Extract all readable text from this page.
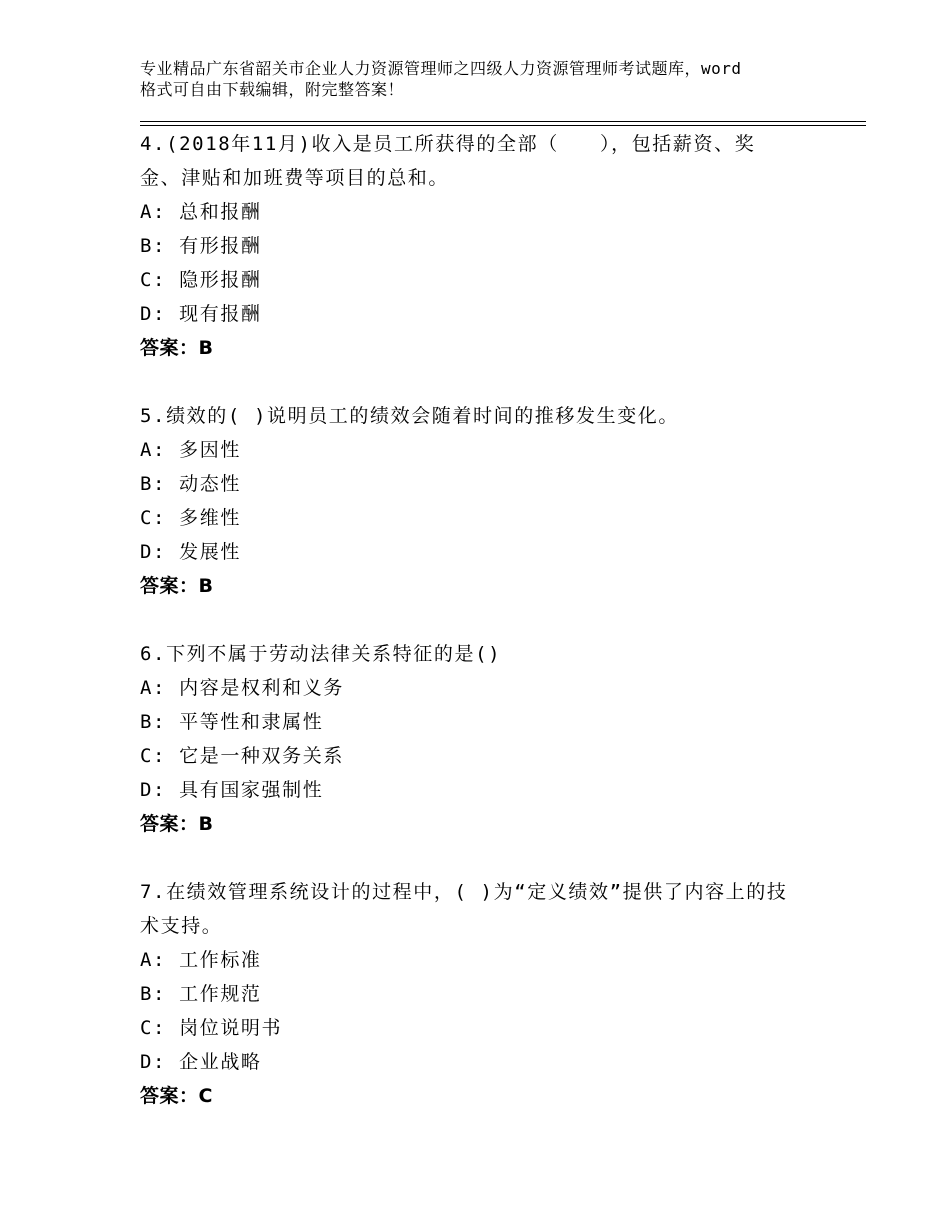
专业精品广东省韶关市企业人力资源管理师之四级人力资源管理师考试题库，word
格式可自由下载编辑，附完整答案！
4.(2018年11月)收入是员工所获得的全部（　　），包括薪资、奖金、津贴和加班费等项目的总和。
A: 总和报酬
B: 有形报酬
C: 隐形报酬
D: 现有报酬
答案：B
5.绩效的( )说明员工的绩效会随着时间的推移发生变化。
A: 多因性
B: 动态性
C: 多维性
D: 发展性
答案：B
6.下列不属于劳动法律关系特征的是()
A: 内容是权利和义务
B: 平等性和隶属性
C: 它是一种双务关系
D: 具有国家强制性
答案：B
7.在绩效管理系统设计的过程中，( )为“定义绩效”提供了内容上的技术支持。
A: 工作标准
B: 工作规范
C: 岗位说明书
D: 企业战略
答案：C
